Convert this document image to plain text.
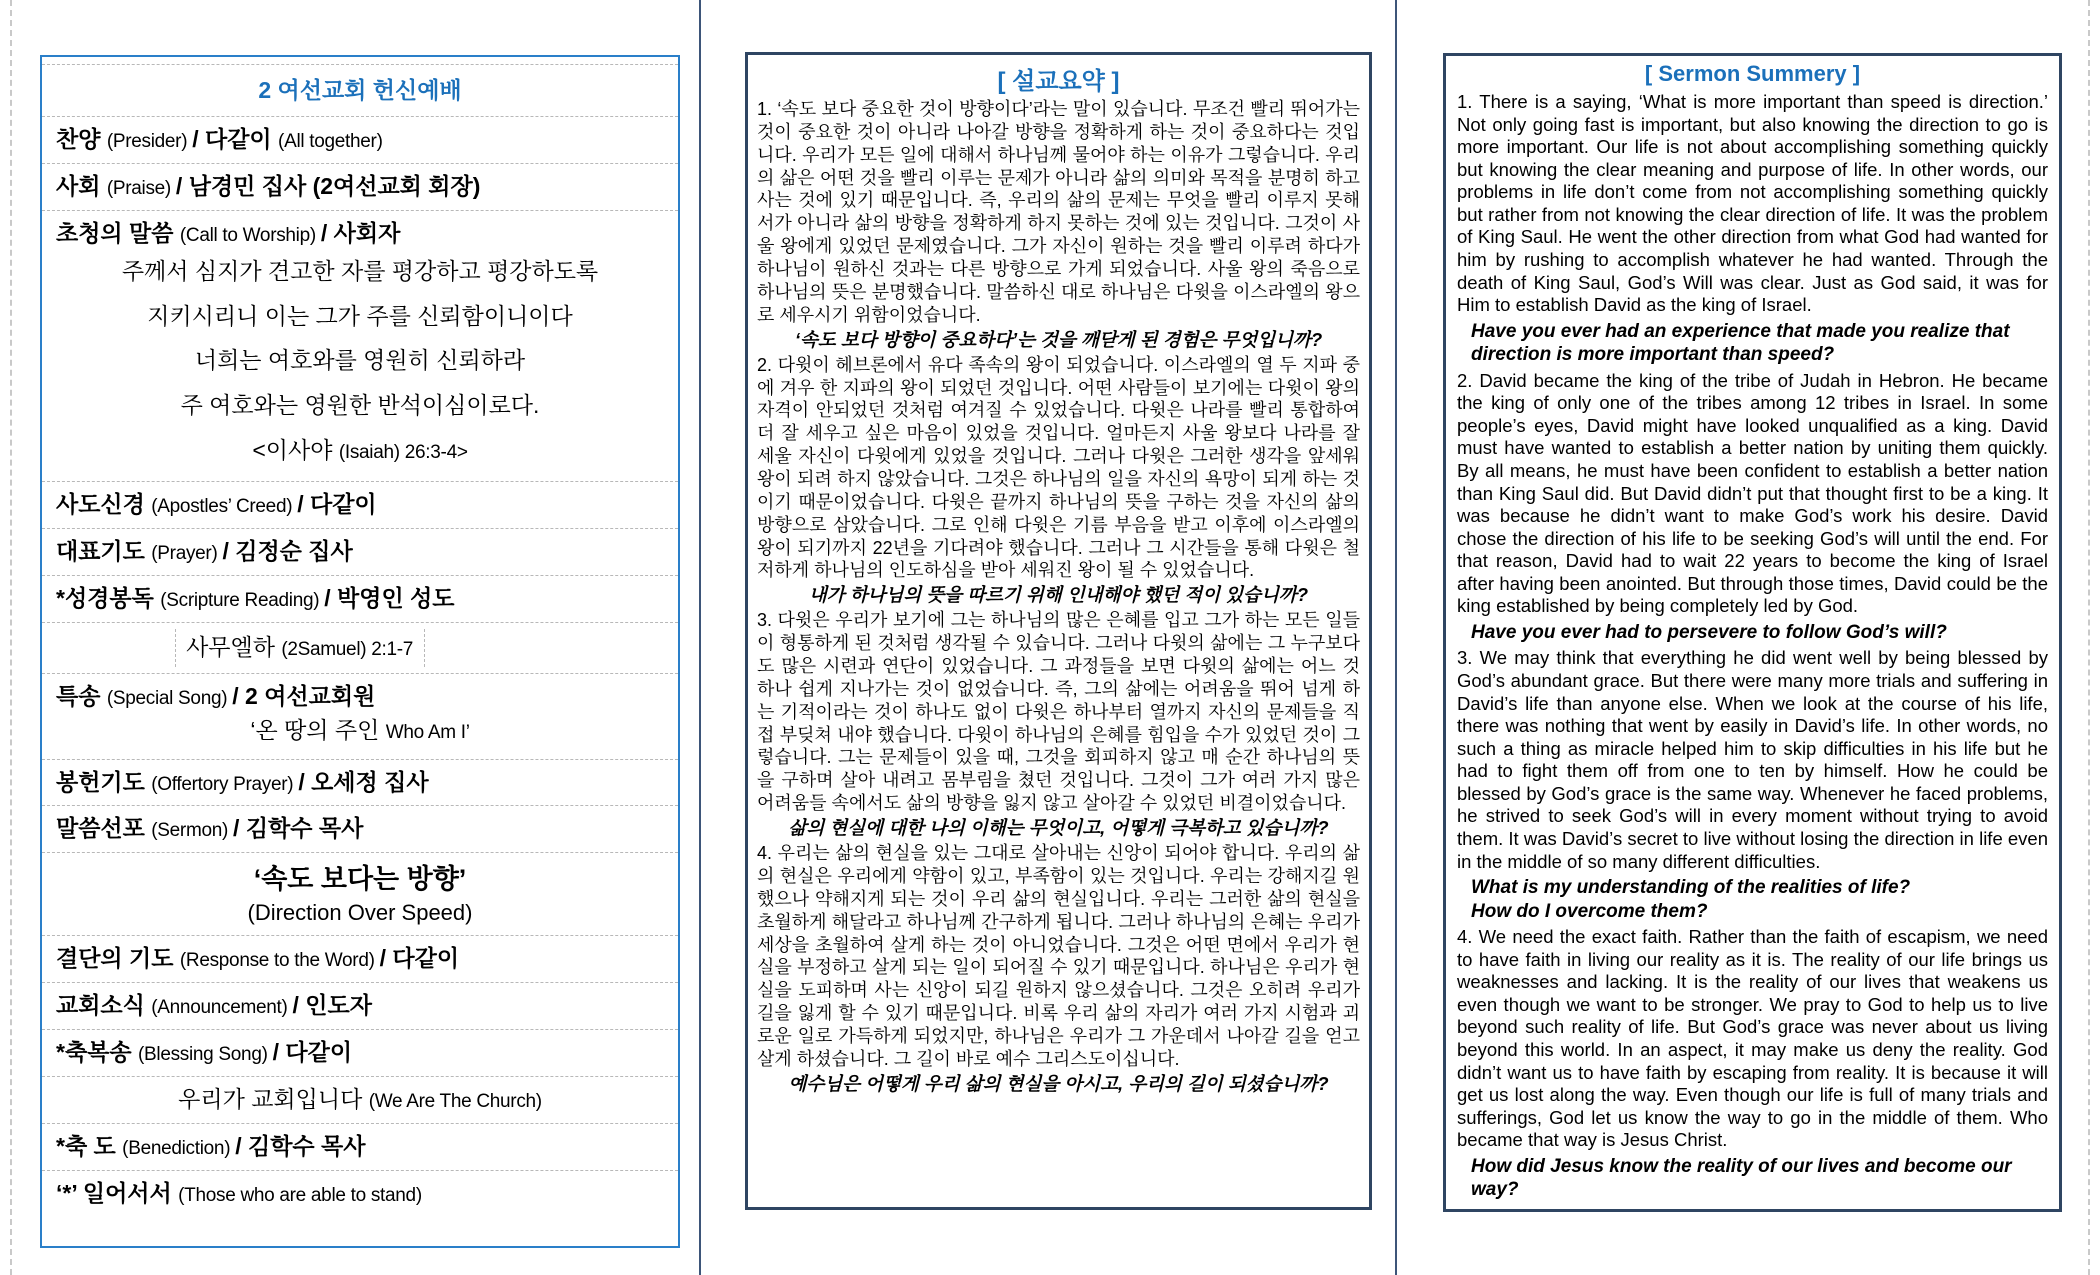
2 여선교회 헌신예배
찬양 (Presider) / 다같이 (All together)
사회 (Praise) / 남경민 집사 (2여선교회 회장)
초청의 말씀 (Call to Worship) / 사회자
주께서 심지가 견고한 자를 평강하고 평강하도록
지키시리니 이는 그가 주를 신뢰함이니이다
너희는 여호와를 영원히 신뢰하라
주 여호와는 영원한 반석이심이로다.
<이사야 (Isaiah) 26:3-4>
사도신경 (Apostles’ Creed) / 다같이
대표기도 (Prayer) / 김정순 집사
*성경봉독 (Scripture Reading) / 박영인 성도
사무엘하 (2Samuel) 2:1-7
특송 (Special Song) / 2 여선교회원
‘온 땅의 주인 Who Am I’
봉헌기도 (Offertory Prayer) / 오세정 집사
말씀선포 (Sermon) / 김학수 목사
‘속도 보다는 방향’
(Direction Over Speed)
결단의 기도 (Response to the Word) / 다같이
교회소식 (Announcement) / 인도자
*축복송 (Blessing Song) / 다같이
우리가 교회입니다 (We Are The Church)
*축 도 (Benediction) / 김학수 목사
‘*’ 일어서서 (Those who are able to stand)
[ 설교요약 ]

1. ‘속도 보다 중요한 것이 방향이다’라는 말이 있습니다. 무조건 빨리 뛰어가는 것이 중요한 것이 아니라 나아갈 방향을 정확하게 하는 것이 중요하다는 것입니다. 우리가 모든 일에 대해서 하나님께 물어야 하는 이유가 그렇습니다. 우리의 삶은 어떤 것을 빨리 이루는 문제가 아니라 삶의 의미와 목적을 분명히 하고 사는 것에 있기 때문입니다. 즉, 우리의 삶의 문제는 무엇을 빨리 이루지 못해서가 아니라 삶의 방향을 정확하게 하지 못하는 것에 있는 것입니다. 그것이 사울 왕에게 있었던 문제였습니다. 그가 자신이 원하는 것을 빨리 이루려 하다가 하나님이 원하신 것과는 다른 방향으로 가게 되었습니다. 사울 왕의 죽음으로 하나님의 뜻은 분명했습니다. 말씀하신 대로 하나님은 다윗을 이스라엘의 왕으로 세우시기 위함이었습니다.

‘속도 보다 방향이 중요하다’는 것을 깨닫게 된 경험은 무엇입니까?

2. 다윗이 헤브론에서 유다 족속의 왕이 되었습니다. 이스라엘의 열 두 지파 중에 겨우 한 지파의 왕이 되었던 것입니다. 어떤 사람들이 보기에는 다윗이 왕의 자격이 안되었던 것처럼 여겨질 수 있었습니다. 다윗은 나라를 빨리 통합하여 더 잘 세우고 싶은 마음이 있었을 것입니다. 얼마든지 사울 왕보다 나라를 잘 세울 자신이 다윗에게 있었을 것입니다. 그러나 다윗은 그러한 생각을 앞세워 왕이 되려 하지 않았습니다. 그것은 하나님의 일을 자신의 욕망이 되게 하는 것이기 때문이었습니다. 다윗은 끝까지 하나님의 뜻을 구하는 것을 자신의 삶의 방향으로 삼았습니다. 그로 인해 다윗은 기름 부음을 받고 이후에 이스라엘의 왕이 되기까지 22년을 기다려야 했습니다. 그러나 그 시간들을 통해 다윗은 철저하게 하나님의 인도하심을 받아 세워진 왕이 될 수 있었습니다.

내가 하나님의 뜻을 따르기 위해 인내해야 했던 적이 있습니까?

3. 다윗은 우리가 보기에 그는 하나님의 많은 은혜를 입고 그가 하는 모든 일들이 형통하게 된 것처럼 생각될 수 있습니다. 그러나 다윗의 삶에는 그 누구보다도 많은 시련과 연단이 있었습니다. 그 과정들을 보면 다윗의 삶에는 어느 것 하나 쉽게 지나가는 것이 없었습니다. 즉, 그의 삶에는 어려움을 뛰어 넘게 하는 기적이라는 것이 하나도 없이 다윗은 하나부터 열까지 자신의 문제들을 직접 부딪쳐 내야 했습니다. 다윗이 하나님의 은혜를 힘입을 수가 있었던 것이 그렇습니다. 그는 문제들이 있을 때, 그것을 회피하지 않고 매 순간 하나님의 뜻을 구하며 살아 내려고 몸부림을 쳤던 것입니다. 그것이 그가 여러 가지 많은 어려움들 속에서도 삶의 방향을 잃지 않고 살아갈 수 있었던 비결이었습니다.

삶의 현실에 대한 나의 이해는 무엇이고, 어떻게 극복하고 있습니까?

4. 우리는 삶의 현실을 있는 그대로 살아내는 신앙이 되어야 합니다. 우리의 삶의 현실은 우리에게 약함이 있고, 부족함이 있는 것입니다. 우리는 강해지길 원했으나 약해지게 되는 것이 우리 삶의 현실입니다. 우리는 그러한 삶의 현실을 초월하게 해달라고 하나님께 간구하게 됩니다. 그러나 하나님의 은혜는 우리가 세상을 초월하여 살게 하는 것이 아니었습니다. 그것은 어떤 면에서 우리가 현실을 부정하고 살게 되는 일이 되어질 수 있기 때문입니다. 하나님은 우리가 현실을 도피하며 사는 신앙이 되길 원하지 않으셨습니다. 그것은 오히려 우리가 길을 잃게 할 수 있기 때문입니다. 비록 우리 삶의 자리가 여러 가지 시험과 괴로운 일로 가득하게 되었지만, 하나님은 우리가 그 가운데서 나아갈 길을 얻고 살게 하셨습니다. 그 길이 바로 예수 그리스도이십니다.

예수님은 어떻게 우리 삶의 현실을 아시고, 우리의 길이 되셨습니까?
[ Sermon Summery ]

1. There is a saying, ‘What is more important than speed is direction.’ Not only going fast is important, but also knowing the direction to go is more important. Our life is not about accomplishing something quickly but knowing the clear meaning and purpose of life. In other words, our problems in life don’t come from not accomplishing something quickly but rather from not knowing the clear direction of life. It was the problem of King Saul. He went the other direction from what God had wanted for him by rushing to accomplish whatever he had wanted. Through the death of King Saul, God’s Will was clear. Just as God said, it was for Him to establish David as the king of Israel.

Have you ever had an experience that made you realize that direction is more important than speed?

2. David became the king of the tribe of Judah in Hebron. He became the king of only one of the tribes among 12 tribes in Israel. In some people’s eyes, David might have looked unqualified as a king. David must have wanted to establish a better nation by uniting them quickly. By all means, he must have been confident to establish a better nation than King Saul did. But David didn’t put that thought first to be a king. It was because he didn’t want to make God’s work his desire. David chose the direction of his life to be seeking God’s will until the end. For that reason, David had to wait 22 years to become the king of Israel after having been anointed. But through those times, David could be the king established by being completely led by God.

Have you ever had to persevere to follow God’s will?

3. We may think that everything he did went well by being blessed by God’s abundant grace. But there were many more trials and suffering in David’s life than anyone else. When we look at the course of his life, there was nothing that went by easily in David’s life. In other words, no such a thing as miracle helped him to skip difficulties in his life but he had to fight them off from one to ten by himself. How he could be blessed by God’s grace is the same way. Whenever he faced problems, he strived to seek God’s will in every moment without trying to avoid them. It was David’s secret to live without losing the direction in life even in the middle of so many different difficulties.

What is my understanding of the realities of life?
How do I overcome them?

4. We need the exact faith. Rather than the faith of escapism, we need to have faith in living our reality as it is. The reality of our life brings us weaknesses and lacking. It is the reality of our lives that weakens us even though we want to be stronger. We pray to God to help us to live beyond such reality of life. But God’s grace was never about us living beyond this world. In an aspect, it may make us deny the reality. God didn’t want us to have faith by escaping from reality. It is because it will get us lost along the way. Even though our life is full of many trials and sufferings, God let us know the way to go in the middle of them. Who became that way is Jesus Christ.

How did Jesus know the reality of our lives and become our way?
